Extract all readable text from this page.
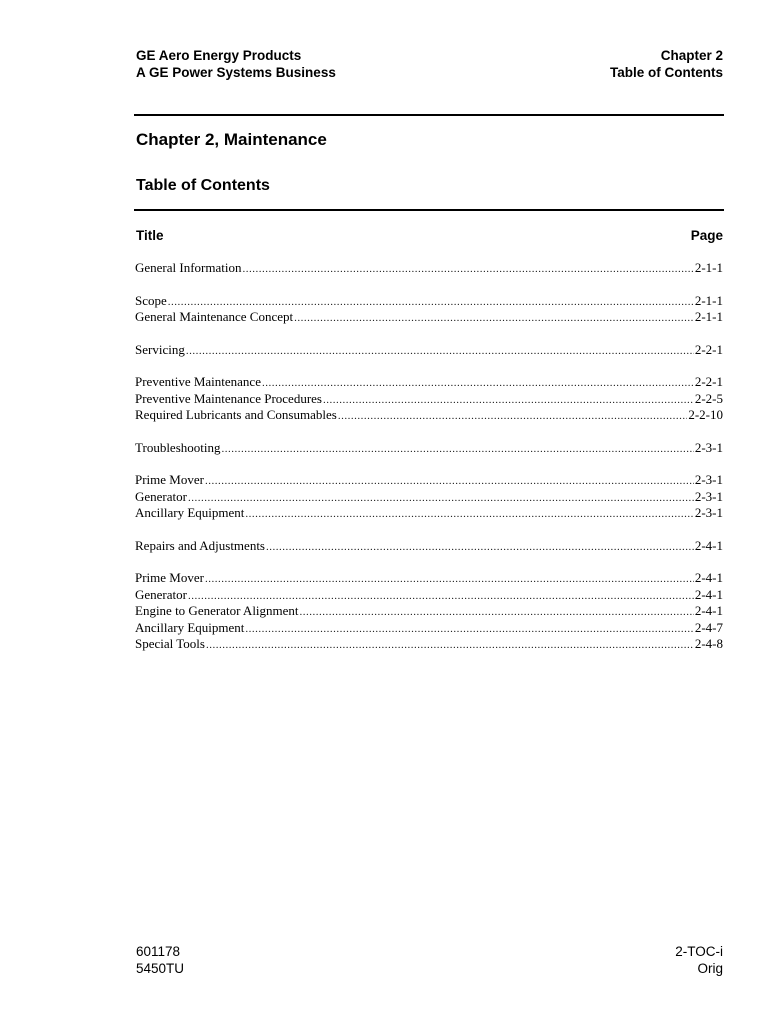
GE Aero Energy Products
A GE Power Systems Business
Chapter 2
Table of Contents
Chapter 2, Maintenance
Table of Contents
Title	Page
General Information .....	2-1-1
Scope .....	2-1-1
General Maintenance Concept .....	2-1-1
Servicing .....	2-2-1
Preventive Maintenance .....	2-2-1
Preventive Maintenance Procedures .....	2-2-5
Required Lubricants and Consumables .....	2-2-10
Troubleshooting .....	2-3-1
Prime Mover .....	2-3-1
Generator .....	2-3-1
Ancillary Equipment .....	2-3-1
Repairs and Adjustments .....	2-4-1
Prime Mover .....	2-4-1
Generator .....	2-4-1
Engine to Generator Alignment .....	2-4-1
Ancillary Equipment .....	2-4-7
Special Tools .....	2-4-8
601178
5450TU
2-TOC-i
Orig
